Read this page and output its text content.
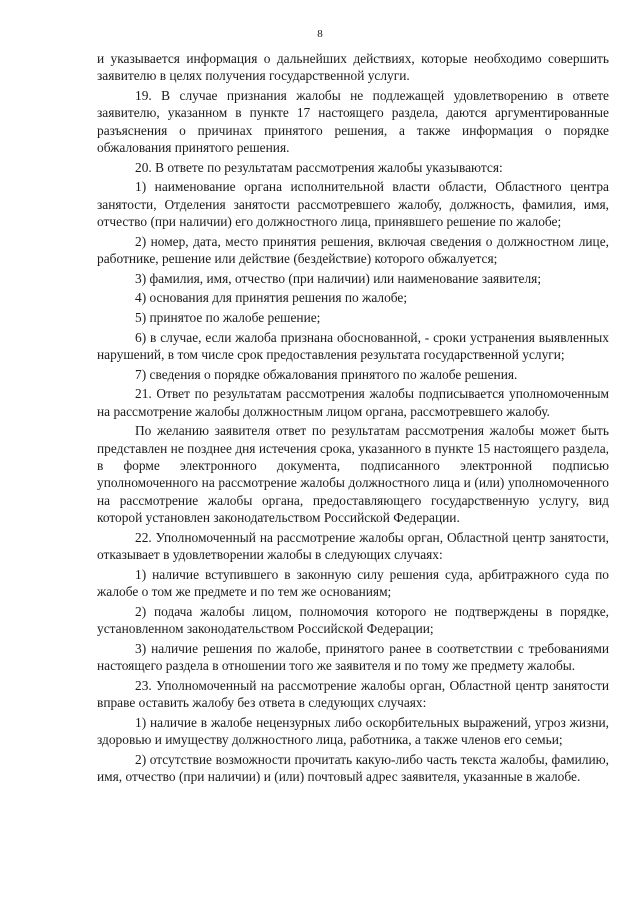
8

и указывается информация о дальнейших действиях, которые необходимо совершить заявителю в целях получения государственной услуги.

19. В случае признания жалобы не подлежащей удовлетворению в ответе заявителю, указанном в пункте 17 настоящего раздела, даются аргументированные разъяснения о причинах принятого решения, а также информация о порядке обжалования принятого решения.

20. В ответе по результатам рассмотрения жалобы указываются:

1) наименование органа исполнительной власти области, Областного центра занятости, Отделения занятости рассмотревшего жалобу, должность, фамилия, имя, отчество (при наличии) его должностного лица, принявшего решение по жалобе;

2) номер, дата, место принятия решения, включая сведения о должностном лице, работнике, решение или действие (бездействие) которого обжалуется;

3) фамилия, имя, отчество (при наличии) или наименование заявителя;

4) основания для принятия решения по жалобе;

5) принятое по жалобе решение;

6) в случае, если жалоба признана обоснованной, - сроки устранения выявленных нарушений, в том числе срок предоставления результата государственной услуги;

7) сведения о порядке обжалования принятого по жалобе решения.

21. Ответ по результатам рассмотрения жалобы подписывается уполномоченным на рассмотрение жалобы должностным лицом органа, рассмотревшего жалобу.

По желанию заявителя ответ по результатам рассмотрения жалобы может быть представлен не позднее дня истечения срока, указанного в пункте 15 настоящего раздела, в форме электронного документа, подписанного электронной подписью уполномоченного на рассмотрение жалобы должностного лица и (или) уполномоченного на рассмотрение жалобы органа, предоставляющего государственную услугу, вид которой установлен законодательством Российской Федерации.

22. Уполномоченный на рассмотрение жалобы орган, Областной центр занятости, отказывает в удовлетворении жалобы в следующих случаях:

1) наличие вступившего в законную силу решения суда, арбитражного суда по жалобе о том же предмете и по тем же основаниям;

2) подача жалобы лицом, полномочия которого не подтверждены в порядке, установленном законодательством Российской Федерации;

3) наличие решения по жалобе, принятого ранее в соответствии с требованиями настоящего раздела в отношении того же заявителя и по тому же предмету жалобы.

23. Уполномоченный на рассмотрение жалобы орган, Областной центр занятости вправе оставить жалобу без ответа в следующих случаях:

1) наличие в жалобе нецензурных либо оскорбительных выражений, угроз жизни, здоровью и имуществу должностного лица, работника, а также членов его семьи;

2) отсутствие возможности прочитать какую-либо часть текста жалобы, фамилию, имя, отчество (при наличии) и (или) почтовый адрес заявителя, указанные в жалобе.
